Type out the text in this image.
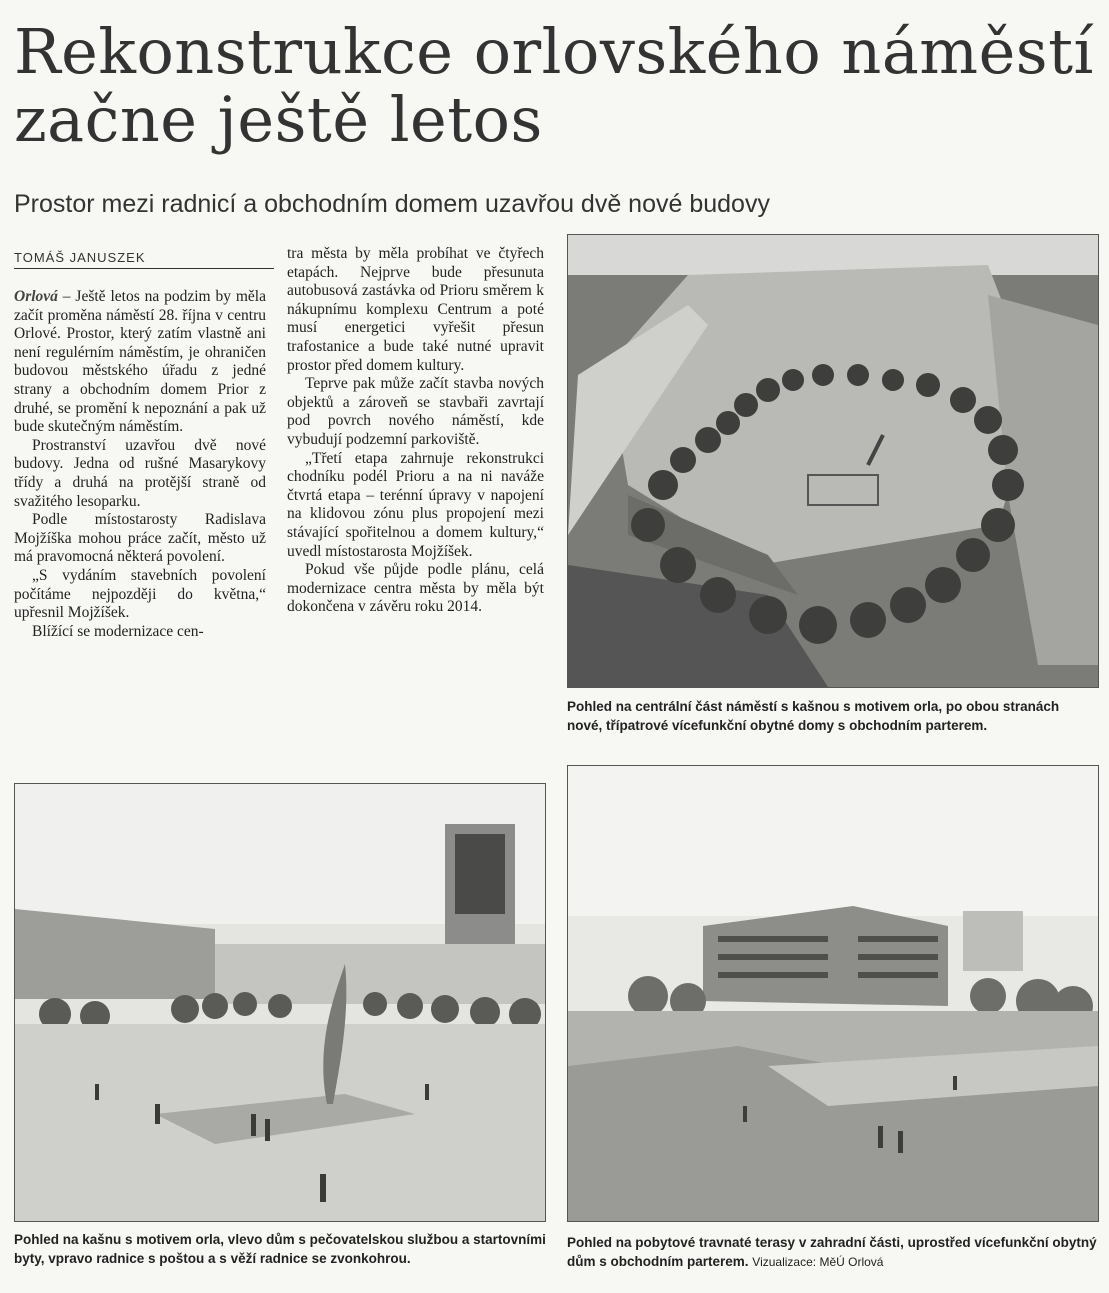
Rekonstrukce orlovského náměstí začne ještě letos
Prostor mezi radnicí a obchodním domem uzavřou dvě nové budovy
TOMÁŠ JANUSZEK

Orlová – Ještě letos na podzim by měla začít proměna náměstí 28. října v centru Orlové. Prostor, který zatím vlastně ani není regulérním náměstím, je ohraničen budovou městského úřadu z jedné strany a obchodním domem Prior z druhé, se promění k nepoznání a pak už bude skutečným náměstím.

Prostranství uzavřou dvě nové budovy. Jedna od rušné Masarykovy třídy a druhá na protější straně od svažitého lesoparku.

Podle místostarosty Radislava Mojžíška mohou práce začít, město už má pravomocná některá povolení.

„S vydáním stavebních povolení počítáme nejpozději do května,“ upřesnil Mojžíšek.

Blížící se modernizace cen-

tra města by měla probíhat ve čtyřech etapách. Nejprve bude přesunuta autobusová zastávka od Prioru směrem k nákupnímu komplexu Centrum a poté musí energetici vyřešit přesun trafostanice a bude také nutné upravit prostor před domem kultury.

Teprve pak může začít stavba nových objektů a zároveň se stavbaři zavrtají pod povrch nového náměstí, kde vybudují podzemní parkoviště.

„Třetí etapa zahrnuje rekonstrukci chodníku podél Prioru a na ni naváže čtvrtá etapa – terénní úpravy v napojení na klidovou zónu plus propojení mezi stávající spořitelnou a domem kultury,“ uvedl místostarosta Mojžíšek.

Pokud vše půjde podle plánu, celá modernizace centra města by měla být dokončena v závěru roku 2014.

Pohled na centrální část náměstí s kašnou s motivem orla, po obou stranách nové, třípatrové vícefunkční obytné domy s obchodním parterem.
Pohled na kašnu s motivem orla, vlevo dům s pečovatelskou službou a startovními byty, vpravo radnice s poštou a s věží radnice se zvonkohrou.
Pohled na pobytové travnaté terasy v zahradní části, uprostřed vícefunkční obytný dům s obchodním parterem. Vizualizace: MěÚ Orlová
